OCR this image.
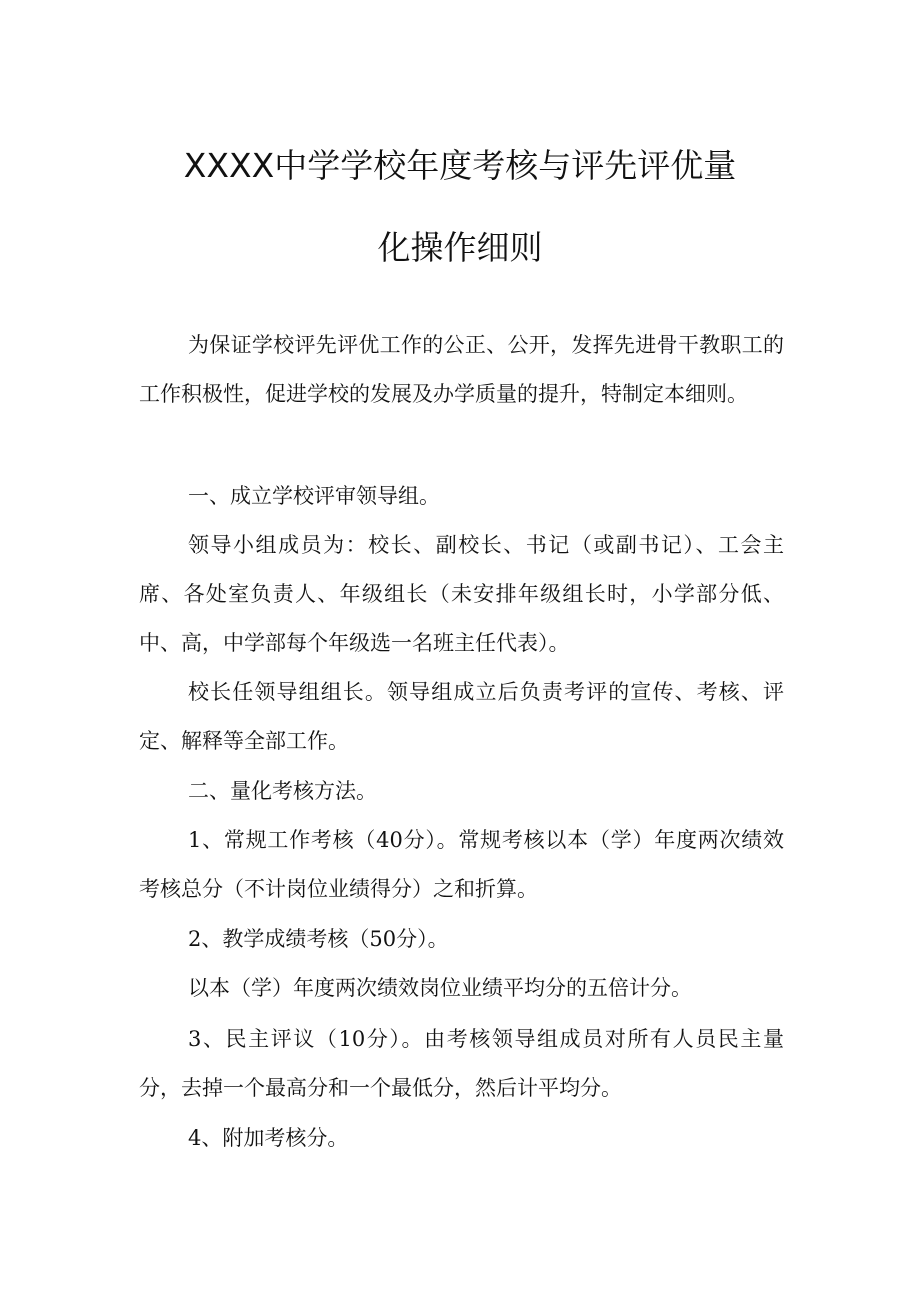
XXXX中学学校年度考核与评先评优量
化操作细则
为保证学校评先评优工作的公正、公开，发挥先进骨干教职工的工作积极性，促进学校的发展及办学质量的提升，特制定本细则。
一、成立学校评审领导组。
领导小组成员为：校长、副校长、书记（或副书记）、工会主席、各处室负责人、年级组长（未安排年级组长时，小学部分低、中、高，中学部每个年级选一名班主任代表）。
校长任领导组组长。领导组成立后负责考评的宣传、考核、评定、解释等全部工作。
二、量化考核方法。
1、常规工作考核（40分）。常规考核以本（学）年度两次绩效考核总分（不计岗位业绩得分）之和折算。
2、教学成绩考核（50分）。
以本（学）年度两次绩效岗位业绩平均分的五倍计分。
3、民主评议（10分）。由考核领导组成员对所有人员民主量分，去掉一个最高分和一个最低分，然后计平均分。
4、附加考核分。
